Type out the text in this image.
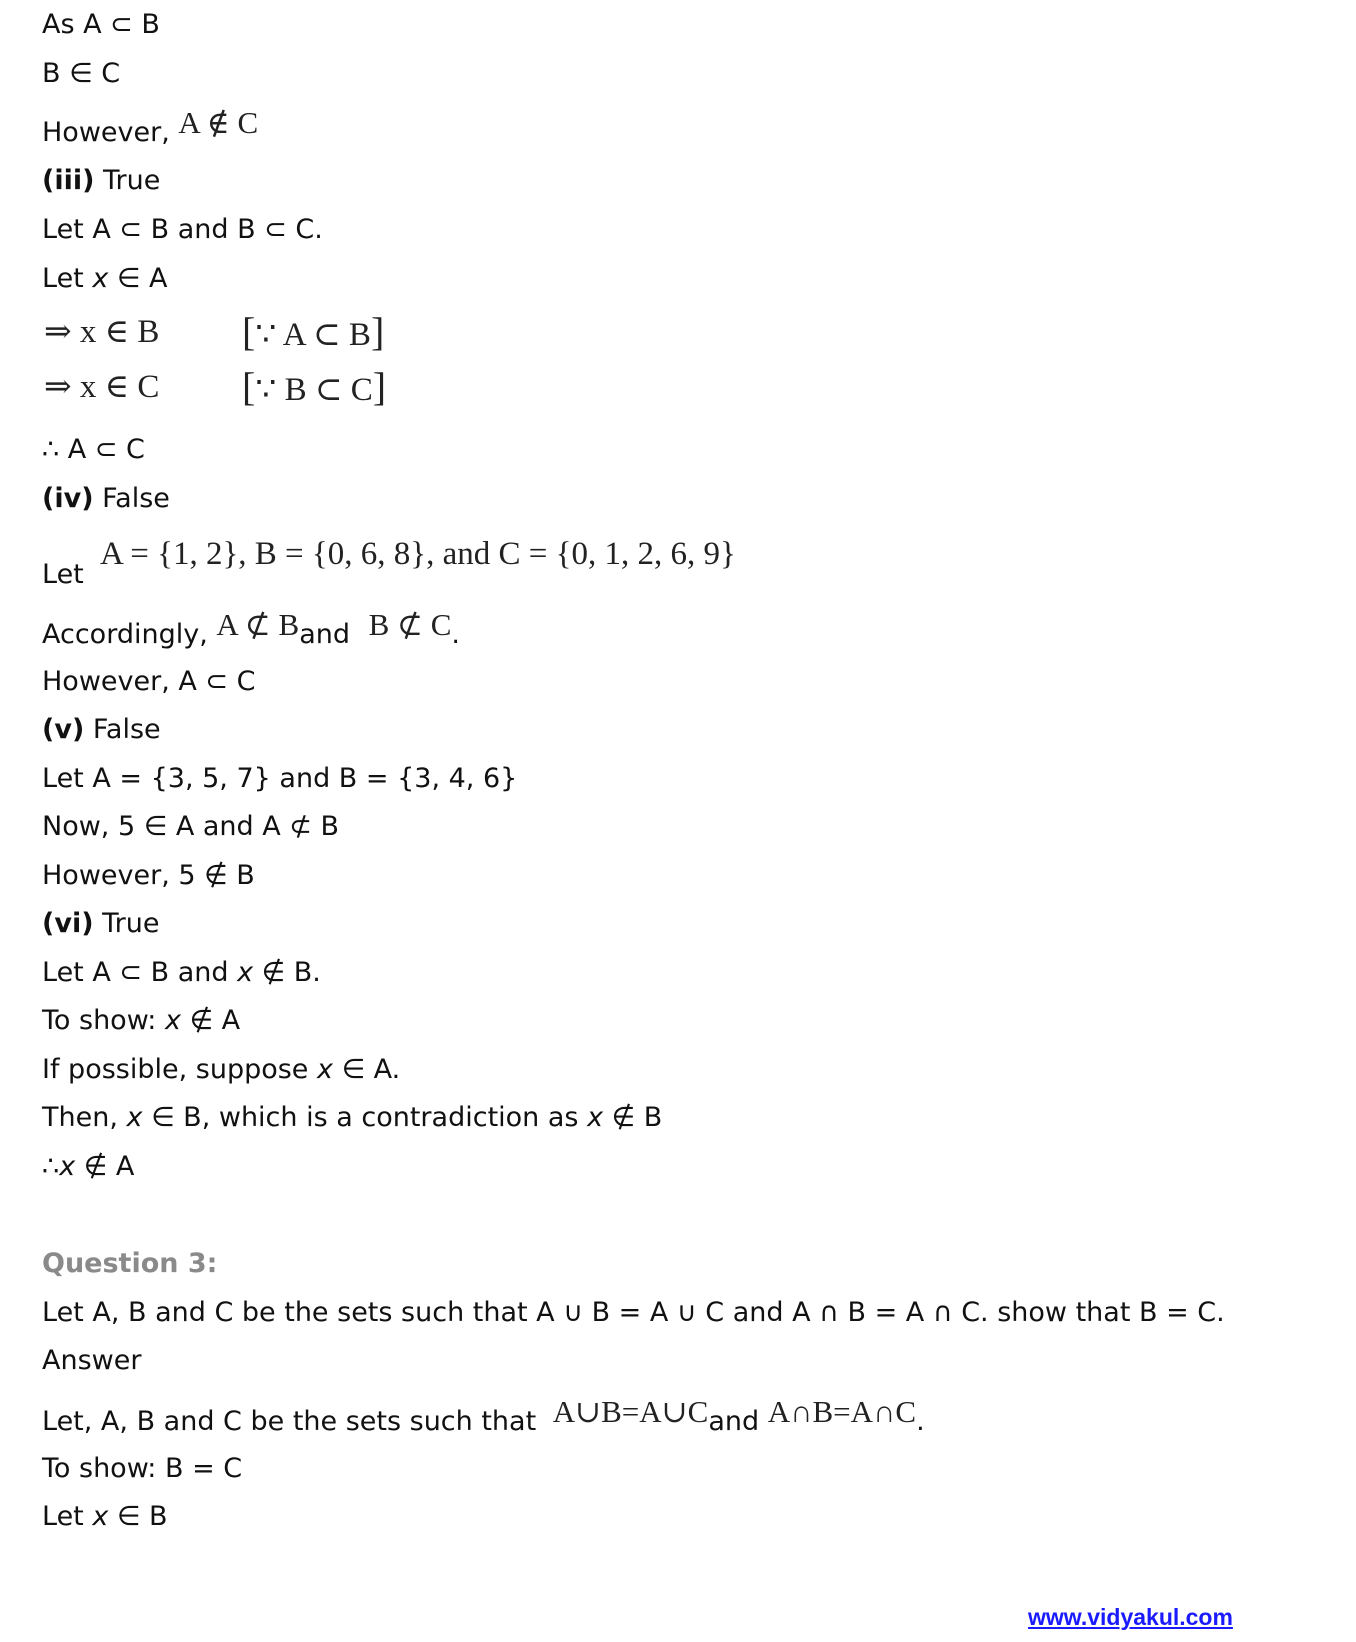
As A ⊂ B
B ∈ C
However, A ∉ C
(iii) True
Let A ⊂ B and B ⊂ C.
Let x ∈ A
⇒ x ∈ B [∵ A ⊂ B]
⇒ x ∈ C [∵ B ⊂ C]
∴ A ⊂ C
(iv) False
Let
A = {1, 2}, B = {0, 6, 8}, and C = {0, 1, 2, 6, 9}
Accordingly, A ⊄ Band B ⊄ C.
However, A ⊂ C
(v) False
Let A = {3, 5, 7} and B = {3, 4, 6}
Now, 5 ∈ A and A ⊄ B
However, 5 ∉ B
(vi) True
Let A ⊂ B and x ∉ B.
To show: x ∉ A
If possible, suppose x ∈ A.
Then, x ∈ B, which is a contradiction as x ∉ B
∴x ∉ A
Question 3:
Let A, B and C be the sets such that A ∪ B = A ∪ C and A ∩ B = A ∩ C. show that B = C.
Answer
Let, A, B and C be the sets such that A∪B=A∪Cand A∩B=A∩C.
To show: B = C
Let x ∈ B
www.vidyakul.com
